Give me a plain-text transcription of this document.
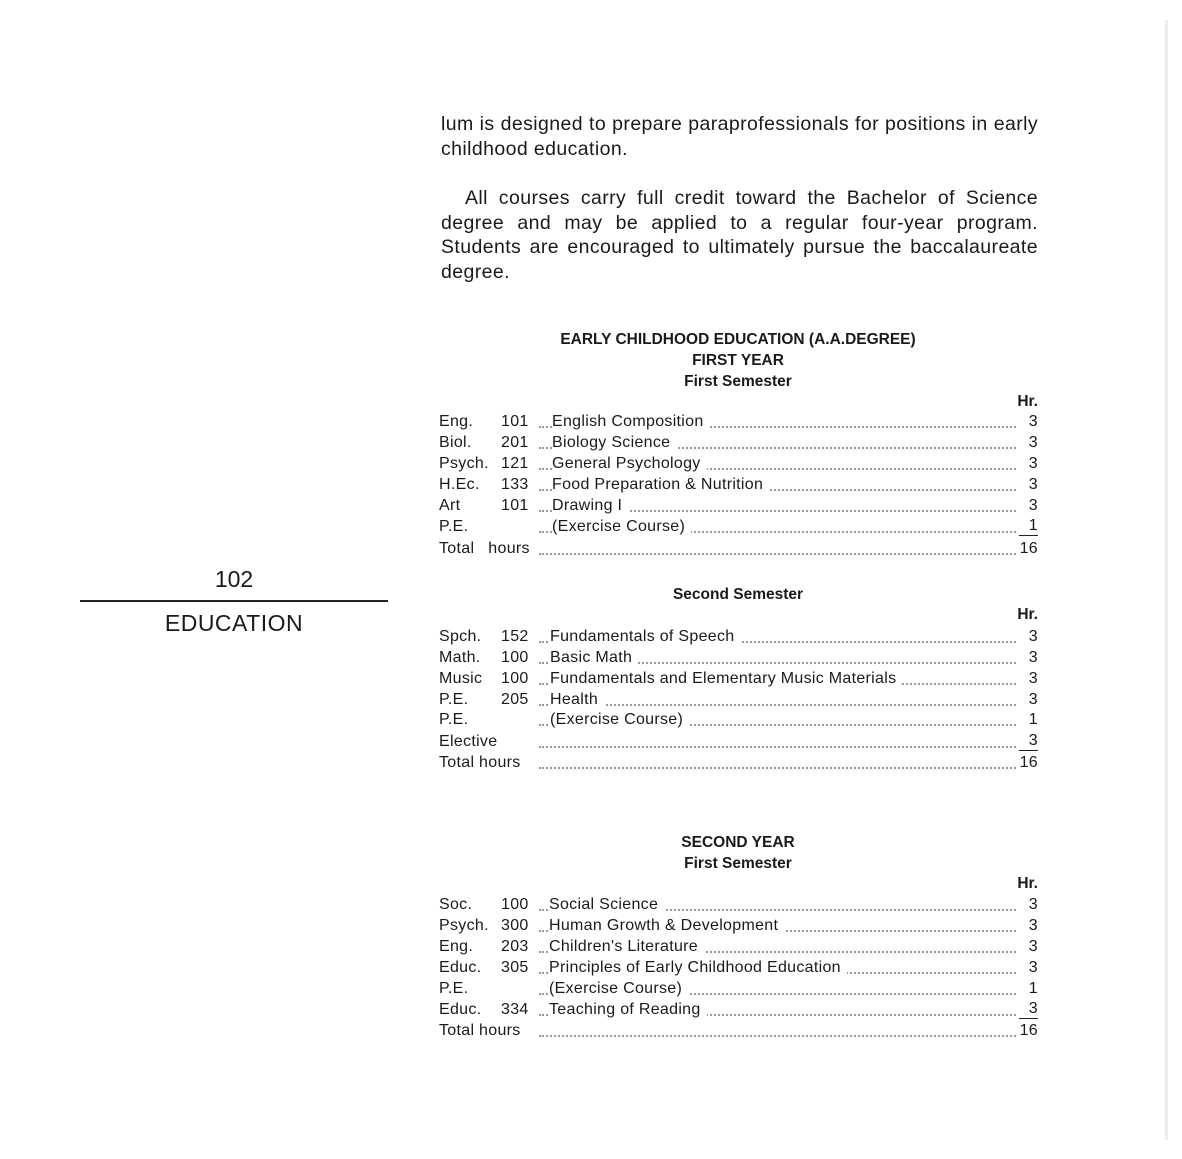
102
EDUCATION

lum is designed to prepare paraprofessionals for positions in early childhood education.

All courses carry full credit toward the Bachelor of Science degree and may be applied to a regular four-year program. Students are encouraged to ultimately pursue the baccalaureate degree.

EARLY CHILDHOOD EDUCATION (A.A.DEGREE)
FIRST YEAR
First Semester
Hr.
Eng. 101 English Composition	3
Biol. 201 Biology Science	3
Psych. 121 General Psychology	3
H.Ec. 133 Food Preparation & Nutrition	3
Art	101 Drawing I	3
P.E.	(Exercise Course)	1
Total hours	16
Second Semester
Hr.
Spch. 152 Fundamentals of Speech	3
Math. 100 Basic Math	3
Music 100 Fundamentals and Elementary Music Materials	3
P.E. 205 Health	3
P.E.	(Exercise Course)	1
Elective	3
Total hours	16
SECOND YEAR
First Semester
Hr.
Soc. 100 Social Science	3
Psych. 300 Human Growth & Development	3
Eng. 203 Children's Literature	3
Educ. 305 Principles of Early Childhood Education	3
P.E.	(Exercise Course)	1
Educ. 334 Teaching of Reading	3
Total hours	16
